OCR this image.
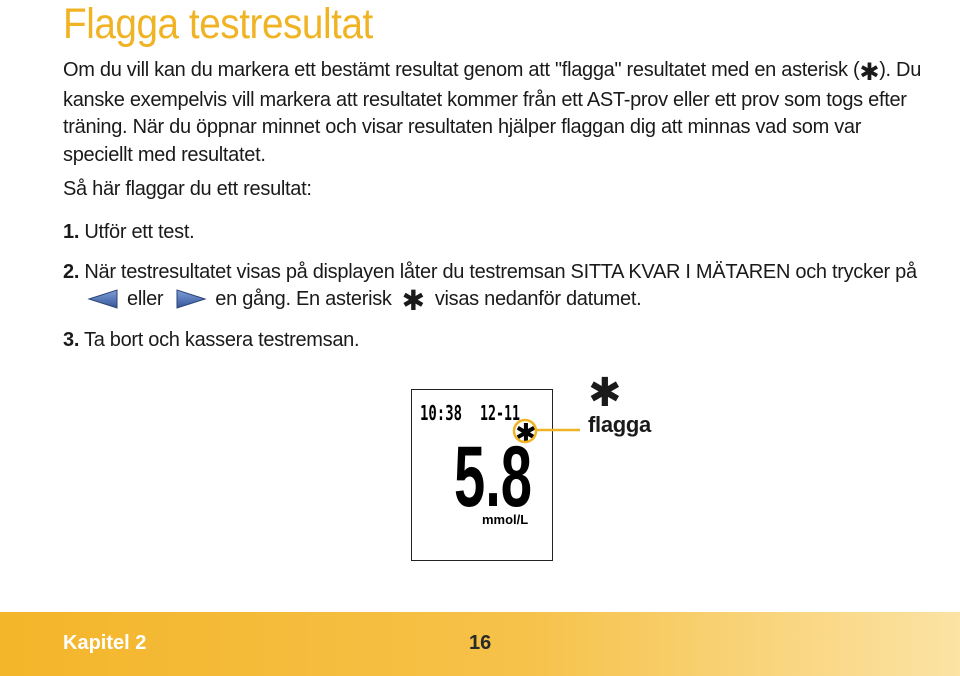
Flagga testresultat
Om du vill kan du markera ett bestämt resultat genom att "flagga" resultatet med en asterisk (✱). Du kanske exempelvis vill markera att resultatet kommer från ett AST-prov eller ett prov som togs efter träning. När du öppnar minnet och visar resultaten hjälper flaggan dig att minnas vad som var speciellt med resultatet.
Så här flaggar du ett resultat:
1. Utför ett test.
2. När testresultatet visas på displayen låter du testremsan SITTA KVAR I MÄTAREN och trycker på
eller	en gång. En asterisk ✱ visas nedanför datumet.
3. Ta bort och kassera testremsan.
10:38 12-11
✱
5.8
mmol/L
✱
flagga
Kapitel 2	16
